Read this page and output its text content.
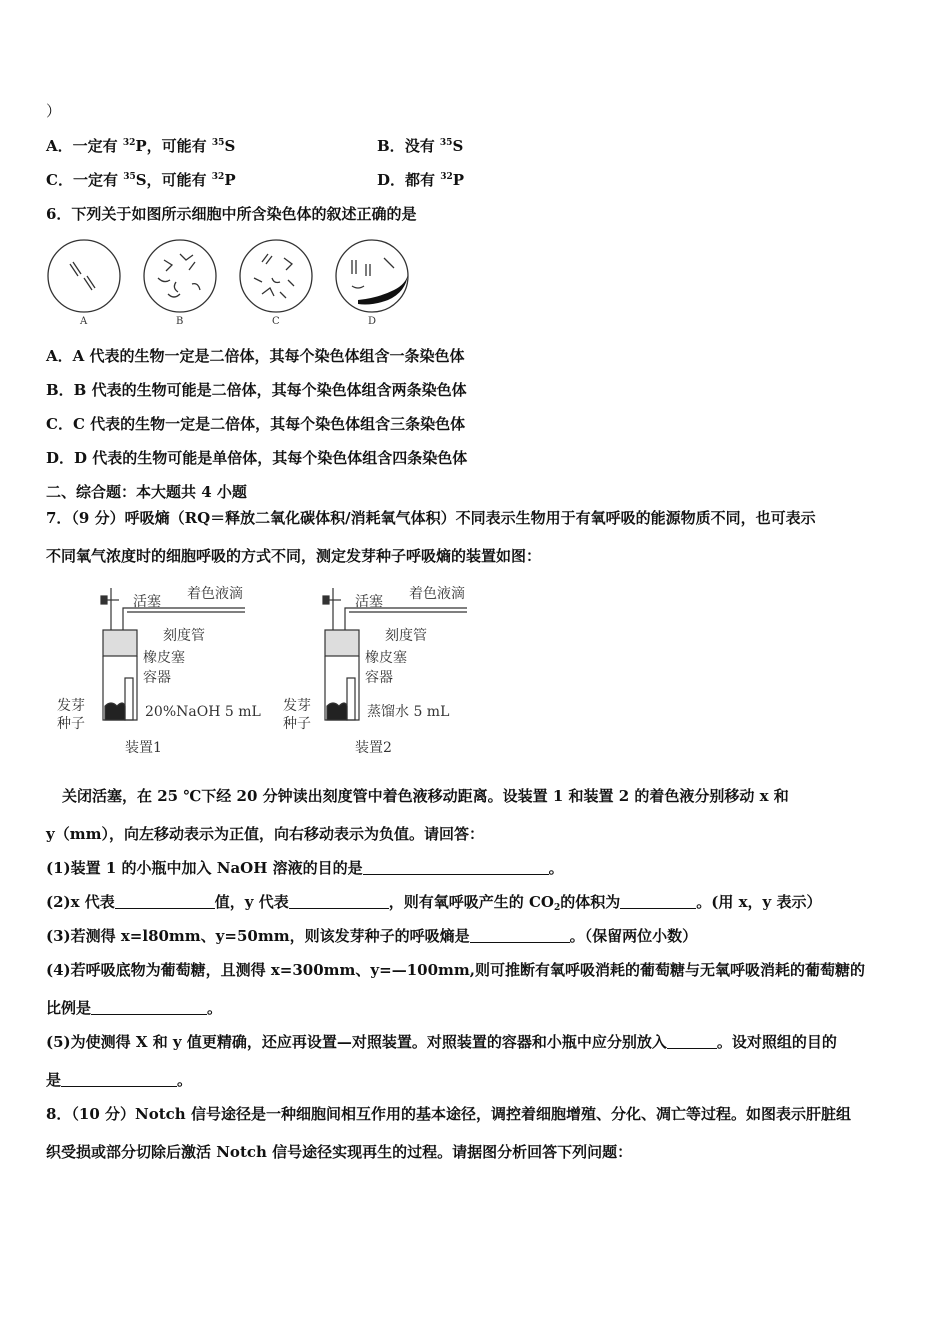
）
A．一定有 $^{32}$P，可能有 $^{35}$S	B．没有 $^{35}$S
C．一定有 $^{35}$S，可能有 $^{32}$P	D．都有 $^{32}$P
6．下列关于如图所示细胞中所含染色体的叙述正确的是
A	B	C	D
A．A 代表的生物一定是二倍体，其每个染色体组含一条染色体
B．B 代表的生物可能是二倍体，其每个染色体组含两条染色体
C．C 代表的生物一定是二倍体，其每个染色体组含三条染色体
D．D 代表的生物可能是单倍体，其每个染色体组含四条染色体
二、综合题：本大题共 4 小题
7．（9 分）呼吸熵（RQ＝释放二氧化碳体积/消耗氧气体积）不同表示生物用于有氧呼吸的能源物质不同，也可表示
不同氧气浓度时的细胞呼吸的方式不同，测定发芽种子呼吸熵的装置如图：
活塞 着色液滴
刻度管
橡皮塞
容器
发芽
种子
20%NaOH 5 mL
装置1
活塞 着色液滴
刻度管
橡皮塞
容器
发芽
种子
蒸馏水 5 mL
装置2
关闭活塞，在 25 ℃下经 20 分钟读出刻度管中着色液移动距离。设装置 1 和装置 2 的着色液分别移动 x 和
y（mm），向左移动表示为正值，向右移动表示为负值。请回答：
(1)装置 1 的小瓶中加入 NaOH 溶液的目的是	。
(2)x 代表	值，y 代表	，则有氧呼吸产生的 $CO_2$的体积为	。(用 x，y 表示）
(3)若测得 x=l80mm、y=50mm，则该发芽种子的呼吸熵是	。（保留两位小数）
(4)若呼吸底物为葡萄糖，且测得 x=300mm、y=—100mm,则可推断有氧呼吸消耗的葡萄糖与无氧呼吸消耗的葡萄糖的
比例是	。
(5)为使测得 X 和 y 值更精确，还应再设置—对照装置。对照装置的容器和小瓶中应分别放入	。设对照组的目的
是	。
8．（10 分）Notch 信号途径是一种细胞间相互作用的基本途径，调控着细胞增殖、分化、凋亡等过程。如图表示肝脏组
织受损或部分切除后激活 Notch 信号途径实现再生的过程。请据图分析回答下列问题：
